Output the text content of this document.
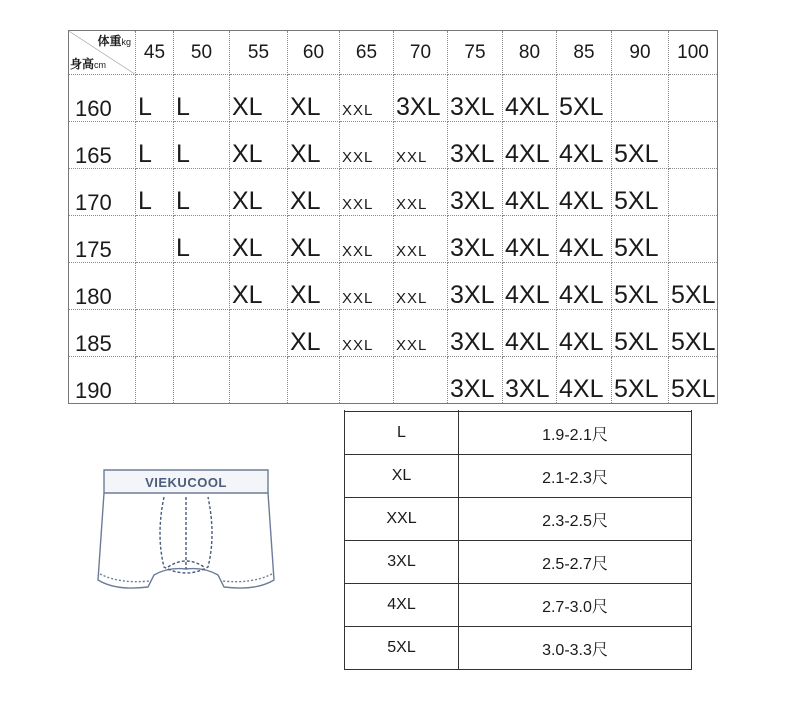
体重kg
身高cm	45	50	55	60	65	70	75	80	85	90	100
160	L	L	XL	XL	XXL	3XL	3XL	4XL	5XL		
165	L	L	XL	XL	XXL	XXL	3XL	4XL	4XL	5XL	
170	L	L	XL	XL	XXL	XXL	3XL	4XL	4XL	5XL	
175		L	XL	XL	XXL	XXL	3XL	4XL	4XL	5XL	
180			XL	XL	XXL	XXL	3XL	4XL	4XL	5XL	5XL
185				XL	XXL	XXL	3XL	4XL	4XL	5XL	5XL
190							3XL	3XL	4XL	5XL	5XL
VIEKUCOOL

L	1.9-2.1尺
XL	2.1-2.3尺
XXL	2.3-2.5尺
3XL	2.5-2.7尺
4XL	2.7-3.0尺
5XL	3.0-3.3尺
